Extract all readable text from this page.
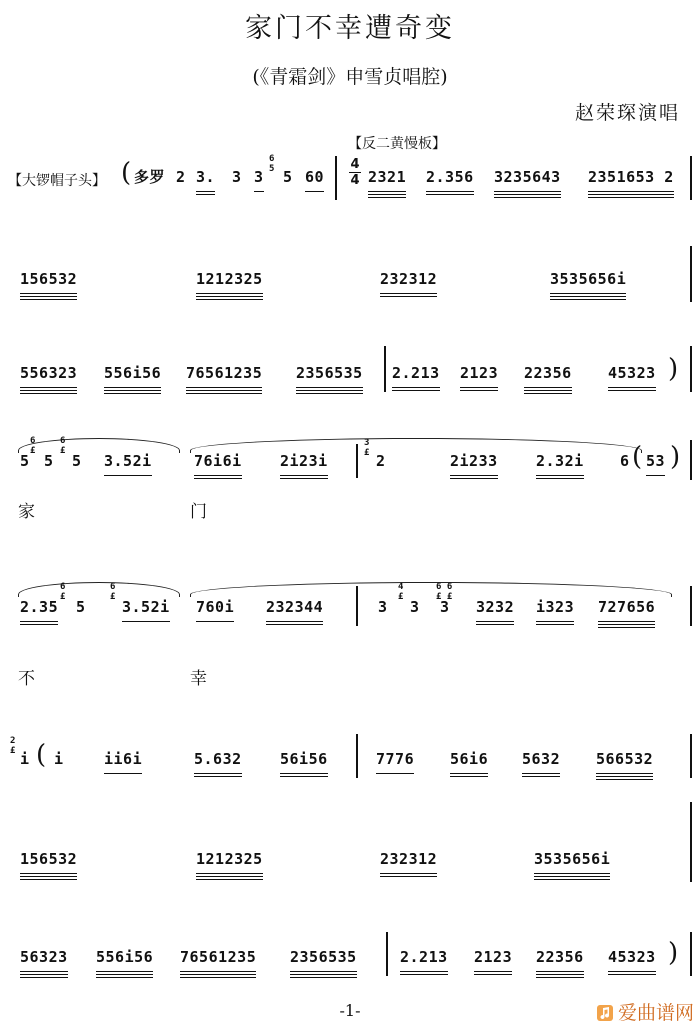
家门不幸遭奇变
(《青霜剑》申雪贞唱腔)
赵荣琛演唱
【反二黄慢板】
【大锣帽子头】
4
4
( 多罗 2 3. 3 3
6
5 5 60	2321 2.356 3235643 2351653 2
156532	1212325	232312	3535656i
556323 556i56 76561235 2356535 2.213 2123 22356 45323 )
6
£
5 5
6
£
5 3.52i	76i6i	2i23i
3
£ 2	2i233	2.32i 6 ( 53 )
家	门
2.35
6
£
5
6
£
3.52i 760i 232344	3
4
£
3
6 6
£ £
3 3232 i323 727656
不	幸
2
£ i ( i	ii6i	5.632	56i56	7776 56i6 5632 566532
156532	1212325	232312	3535656i
56323 556i56 76561235 2356535	2.213 2123 22356 45323 )
-1-	爱曲谱网
